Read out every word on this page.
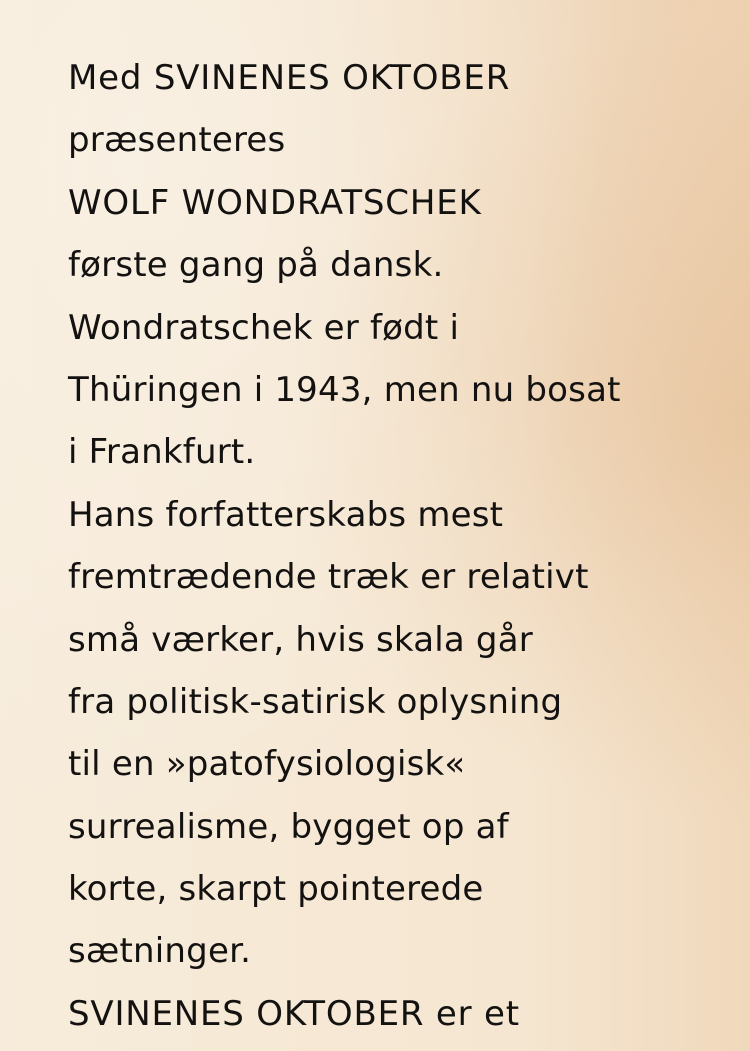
Med SVINENES OKTOBER
præsenteres
WOLF WONDRATSCHEK
første gang på dansk.
Wondratschek er født i
Thüringen i 1943, men nu bosat
i Frankfurt.
Hans forfatterskabs mest
fremtrædende træk er relativt
små værker, hvis skala går
fra politisk-satirisk oplysning
til en »patofysiologisk«
surrealisme, bygget op af
korte, skarpt pointerede
sætninger.
SVINENES OKTOBER er et
